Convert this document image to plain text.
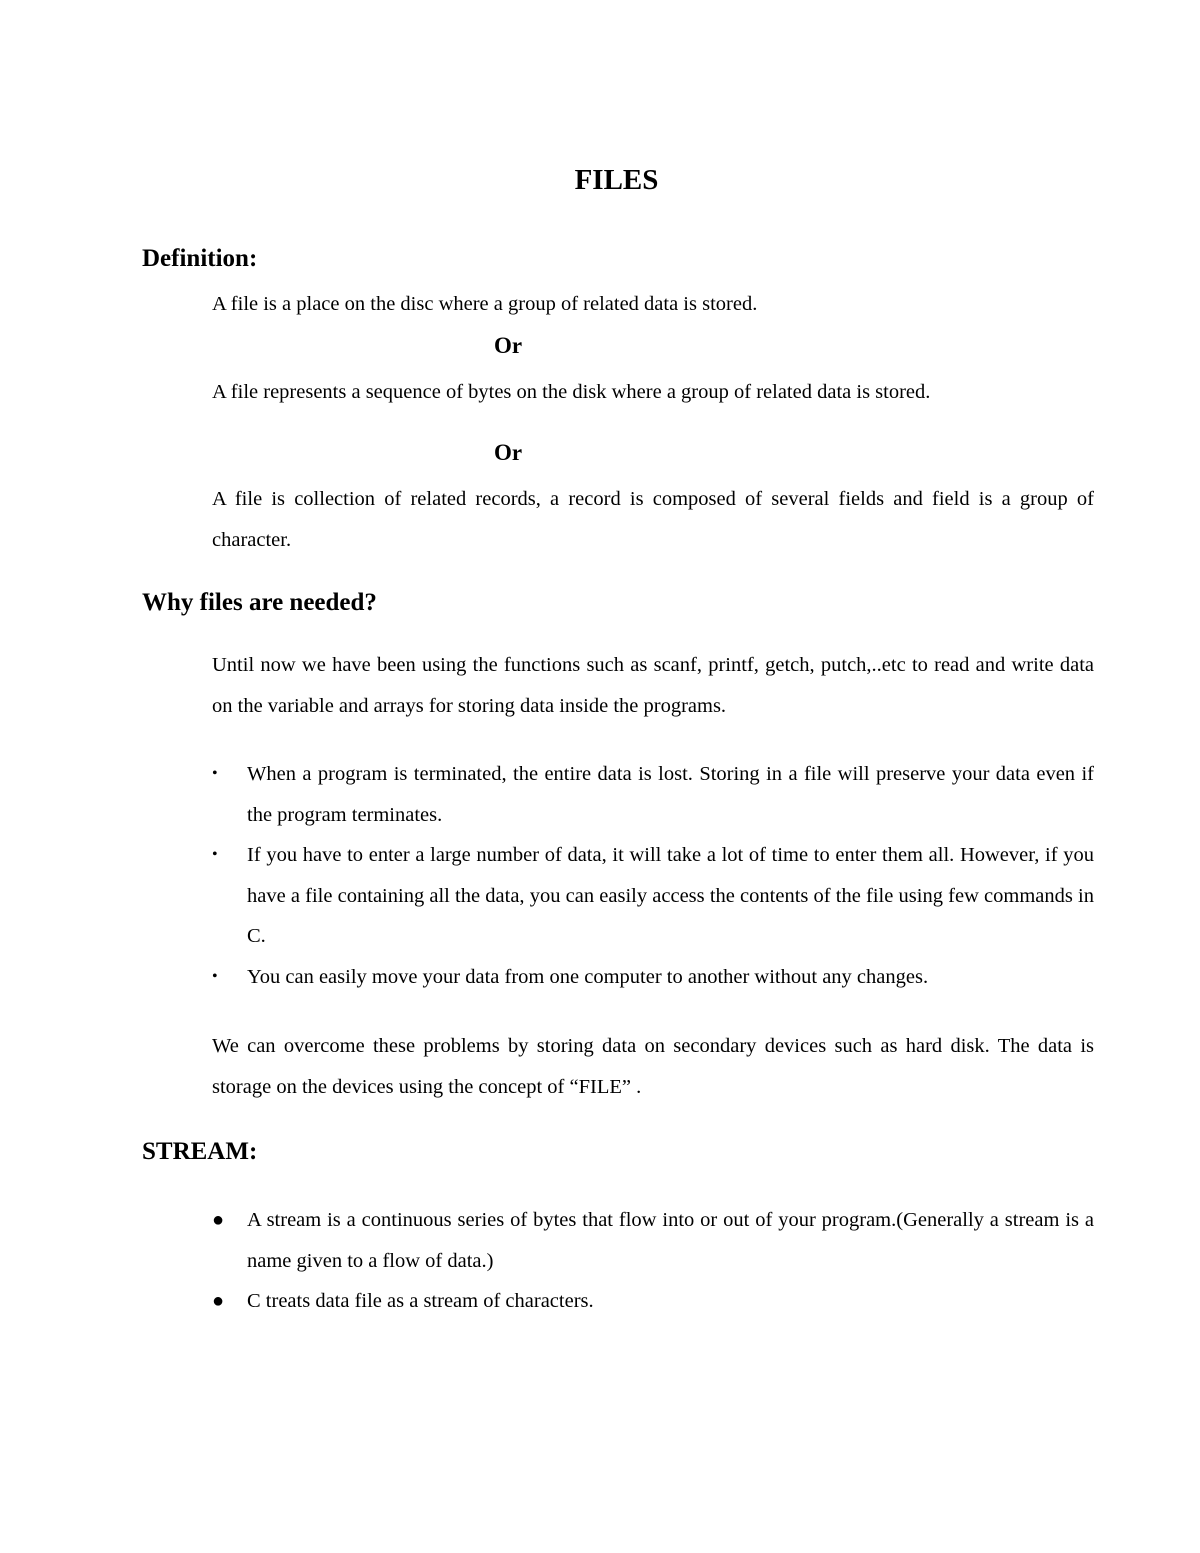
FILES
Definition:

A file is a place on the disc where a group of related data is stored.

Or

A file represents a sequence of bytes on the disk where a group of related data is stored.

Or

A file is collection of related records, a record is composed of several fields and field is a group of character.

Why files are needed?

Until now we have been using the functions such as scanf, printf, getch, putch,..etc to read and write data on the variable and arrays for storing data inside the programs.

• When a program is terminated, the entire data is lost. Storing in a file will preserve your data even if the program terminates.
• If you have to enter a large number of data, it will take a lot of time to enter them all. However, if you have a file containing all the data, you can easily access the contents of the file using few commands in C.
• You can easily move your data from one computer to another without any changes.

We can overcome these problems by storing data on secondary devices such as hard disk. The data is storage on the devices using the concept of “FILE” .

STREAM:
● A stream is a continuous series of bytes that flow into or out of your program.(Generally a stream is a name given to a flow of data.)
● C treats data file as a stream of characters.
